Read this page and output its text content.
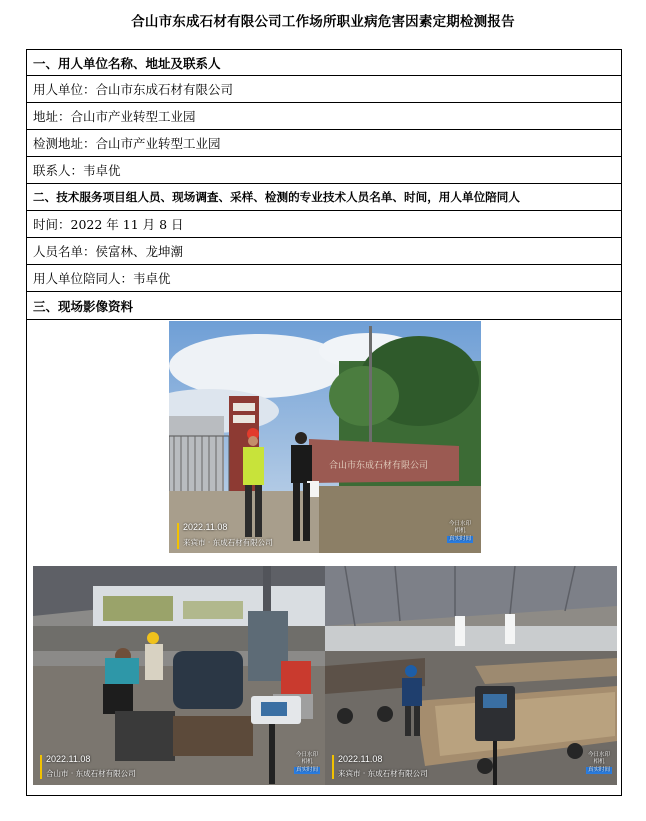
合山市东成石材有限公司工作场所职业病危害因素定期检测报告
一、用人单位名称、地址及联系人
用人单位：合山市东成石材有限公司
地址：合山市产业转型工业园
检测地址：合山市产业转型工业园
联系人：韦卓优
二、技术服务项目组人员、现场调查、采样、检测的专业技术人员名单、时间，用人单位陪同人
时间：2022 年 11 月 8 日
人员名单：侯富林、龙坤潮
用人单位陪同人：韦卓优
三、现场影像资料
合山市东成石材有限公司
2022.11.08
来宾市 · 东成石材有限公司
今日水印
相机
真实时间
2022.11.08
合山市 · 东成石材有限公司
今日水印
相机
真实时间
2022.11.08
来宾市 · 东成石材有限公司
今日水印
相机
真实时间
